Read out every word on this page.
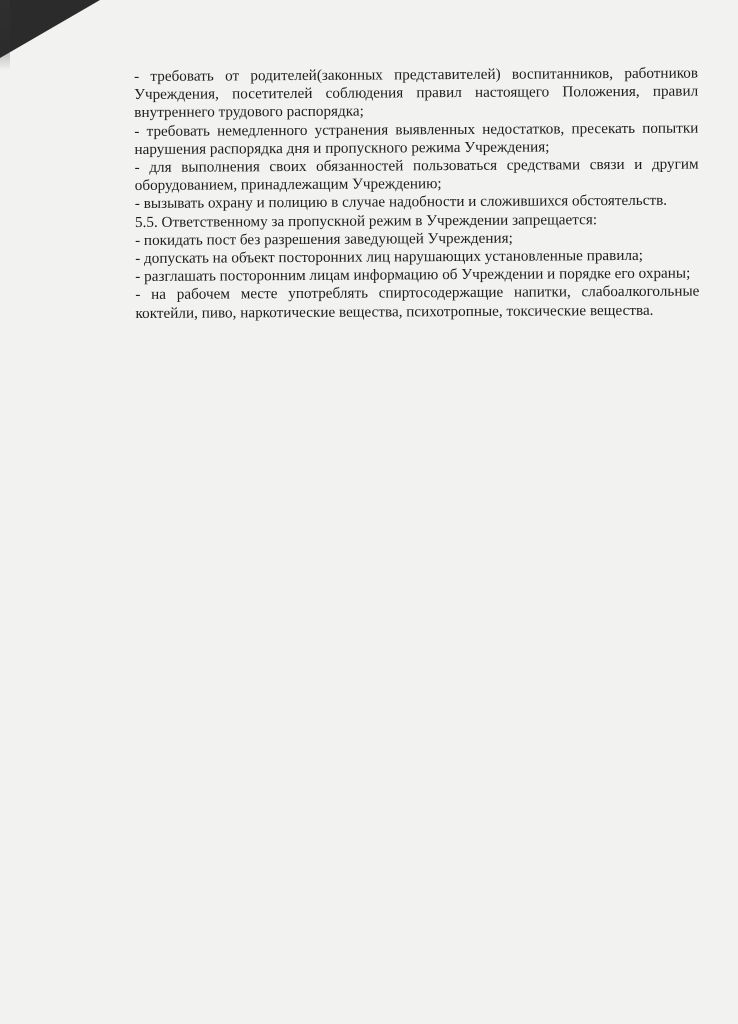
- требовать от родителей(законных представителей) воспитанников, работников Учреждения, посетителей соблюдения правил настоящего Положения, правил внутреннего трудового распорядка;

- требовать немедленного устранения выявленных недостатков, пресекать попытки нарушения распорядка дня и пропускного режима Учреждения;

- для выполнения своих обязанностей пользоваться средствами связи и другим оборудованием, принадлежащим Учреждению;

- вызывать охрану и полицию в случае надобности и сложившихся обстоятельств.

5.5. Ответственному за пропускной режим в Учреждении запрещается:

- покидать пост без разрешения заведующей Учреждения;

- допускать на объект посторонних лиц нарушающих установленные правила;

- разглашать посторонним лицам информацию об Учреждении и порядке его охраны;

- на рабочем месте употреблять спиртосодержащие напитки, слабоалкогольные коктейли, пиво, наркотические вещества, психотропные, токсические вещества.
